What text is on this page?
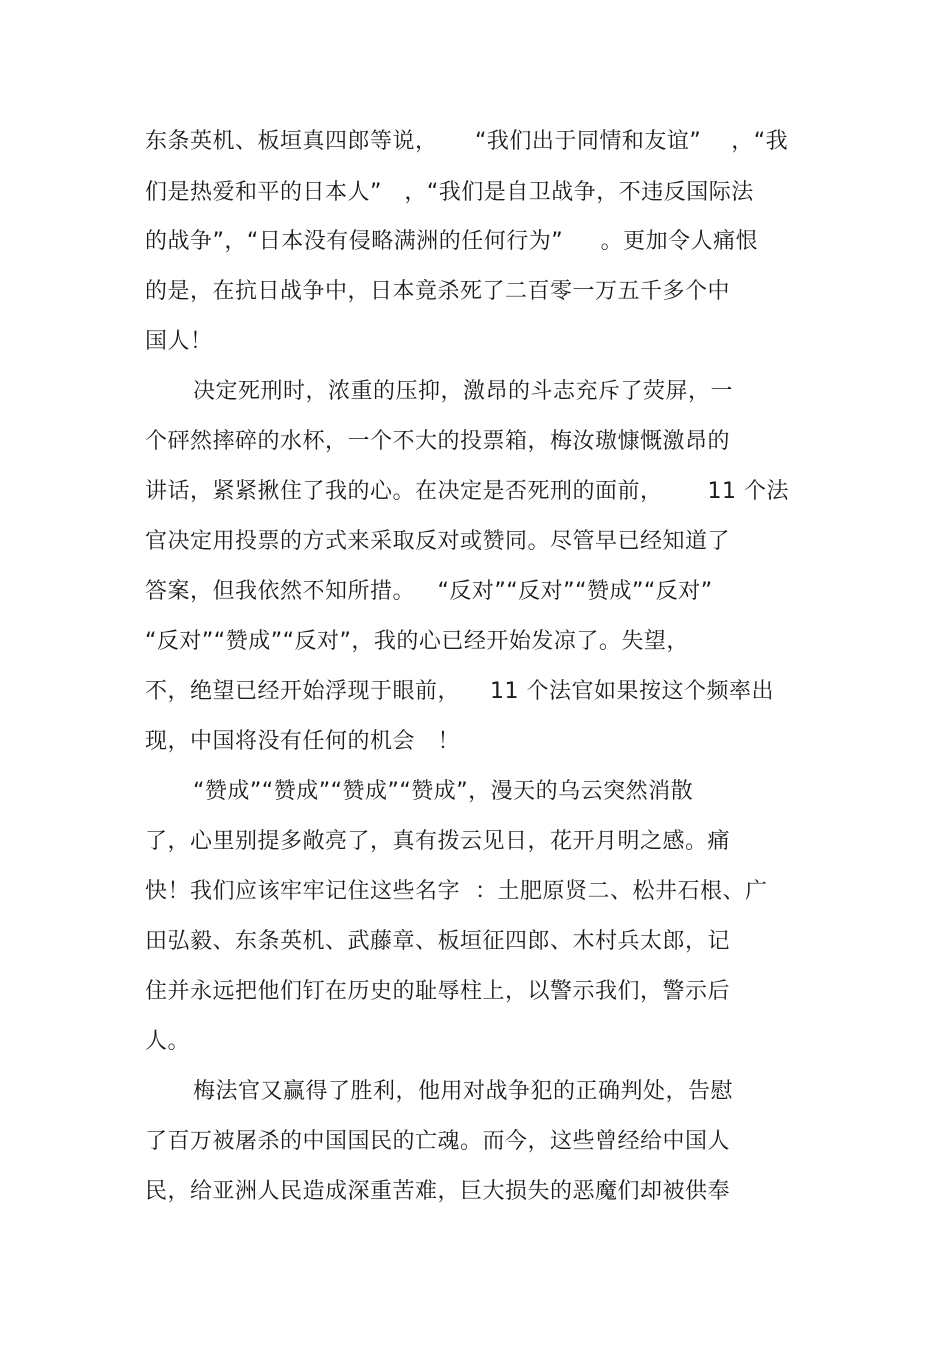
东条英机、板垣真四郎等说，     “我们出于同情和友谊”    ，“我
们是热爱和平的日本人”   ，“我们是自卫战争，不违反国际法
的战争”，“日本没有侵略满洲的任何行为”     。更加令人痛恨
的是，在抗日战争中，日本竟杀死了二百零一万五千多个中
国人！
决定死刑时，浓重的压抑，激昂的斗志充斥了荧屏，一
个砰然摔碎的水杯，一个不大的投票箱，梅汝璈慷慨激昂的
讲话，紧紧揪住了我的心。在决定是否死刑的面前，      11 个法
官决定用投票的方式来采取反对或赞同。尽管早已经知道了
答案，但我依然不知所措。   “反对”“反对”“赞成”“反对”
“反对”“赞成”“反对”，我的心已经开始发凉了。失望，
不，绝望已经开始浮现于眼前，    11 个法官如果按这个频率出
现，中国将没有任何的机会   ！
“赞成”“赞成”“赞成”“赞成”，漫天的乌云突然消散
了，心里别提多敞亮了，真有拨云见日，花开月明之感。痛
快！我们应该牢牢记住这些名字  ：土肥原贤二、松井石根、广
田弘毅、东条英机、武藤章、板垣征四郎、木村兵太郎，记
住并永远把他们钉在历史的耻辱柱上，以警示我们，警示后
人。
梅法官又赢得了胜利，他用对战争犯的正确判处，告慰
了百万被屠杀的中国国民的亡魂。而今，这些曾经给中国人
民，给亚洲人民造成深重苦难，巨大损失的恶魔们却被供奉
